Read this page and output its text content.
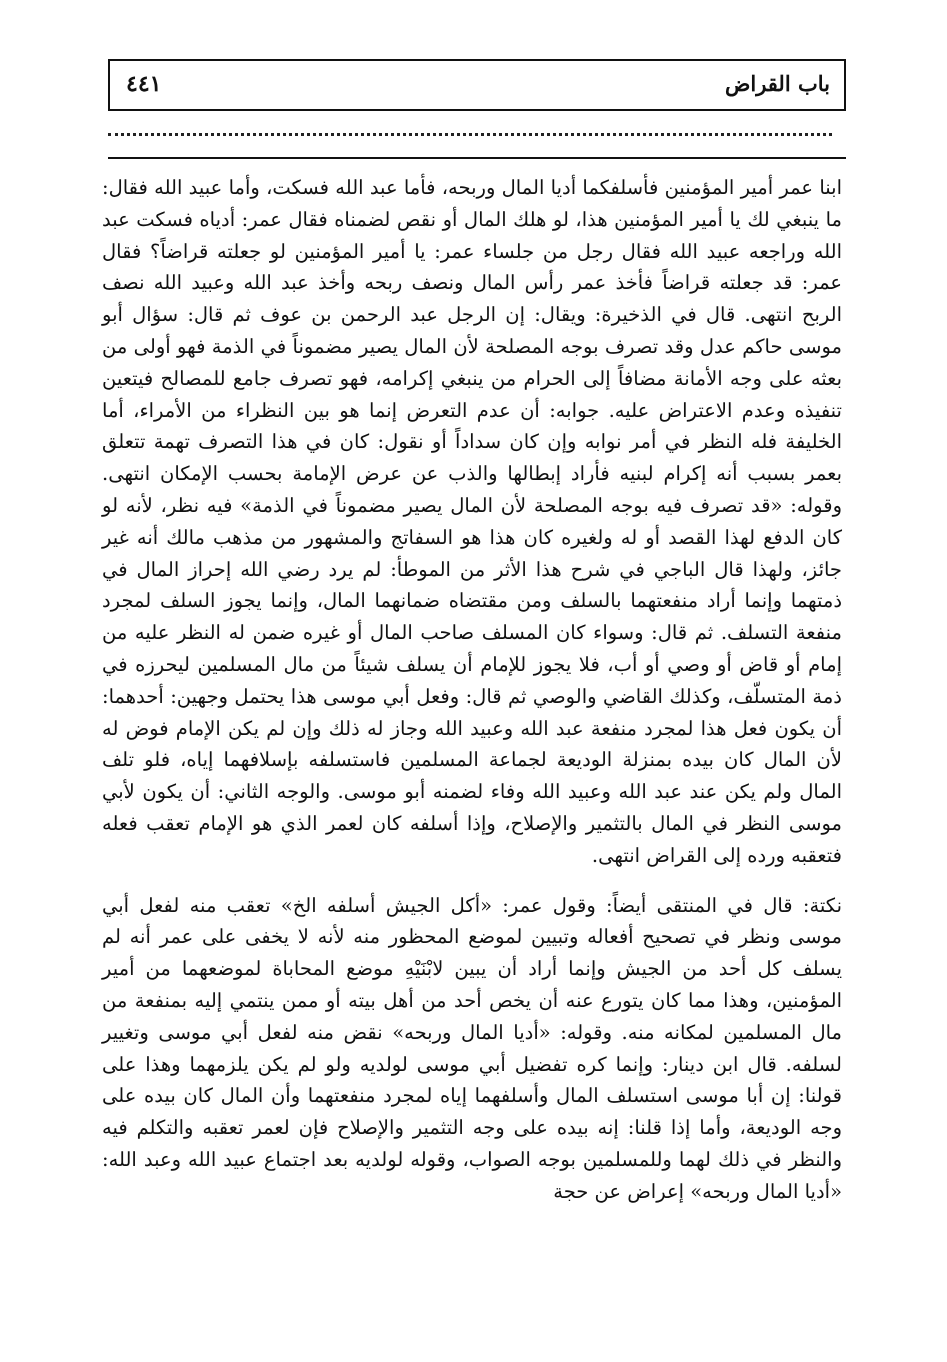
باب القراض
٤٤١

ابنا عمر أمير المؤمنين فأسلفكما أديا المال وربحه، فأما عبد الله فسكت، وأما عبيد الله فقال: ما ينبغي لك يا أمير المؤمنين هذا، لو هلك المال أو نقص لضمناه فقال عمر: أدياه فسكت عبد الله وراجعه عبيد الله فقال رجل من جلساء عمر: يا أمير المؤمنين لو جعلته قراضاً؟ فقال عمر: قد جعلته قراضاً فأخذ عمر رأس المال ونصف ربحه وأخذ عبد الله وعبيد الله نصف الربح انتهى. قال في الذخيرة: ويقال: إن الرجل عبد الرحمن بن عوف ثم قال: سؤال أبو موسى حاكم عدل وقد تصرف بوجه المصلحة لأن المال يصير مضموناً في الذمة فهو أولى من بعثه على وجه الأمانة مضافاً إلى الحرام من ينبغي إكرامه، فهو تصرف جامع للمصالح فيتعين تنفيذه وعدم الاعتراض عليه. جوابه: أن عدم التعرض إنما هو بين النظراء من الأمراء، أما الخليفة فله النظر في أمر نوابه وإن كان سداداً أو نقول: كان في هذا التصرف تهمة تتعلق بعمر بسبب أنه إكرام لبنيه فأراد إبطالها والذب عن عرض الإمامة بحسب الإمكان انتهى. وقوله: «قد تصرف فيه بوجه المصلحة لأن المال يصير مضموناً في الذمة» فيه نظر، لأنه لو كان الدفع لهذا القصد أو له ولغيره كان هذا هو السفاتج والمشهور من مذهب مالك أنه غير جائز، ولهذا قال الباجي في شرح هذا الأثر من الموطأ: لم يرد رضي الله إحراز المال في ذمتهما وإنما أراد منفعتهما بالسلف ومن مقتضاه ضمانهما المال، وإنما يجوز السلف لمجرد منفعة التسلف. ثم قال: وسواء كان المسلف صاحب المال أو غيره ضمن له النظر عليه من إمام أو قاض أو وصي أو أب، فلا يجوز للإمام أن يسلف شيئاً من مال المسلمين ليحرزه في ذمة المتسلّف، وكذلك القاضي والوصي ثم قال: وفعل أبي موسى هذا يحتمل وجهين: أحدهما: أن يكون فعل هذا لمجرد منفعة عبد الله وعبيد الله وجاز له ذلك وإن لم يكن الإمام فوض له لأن المال كان بيده بمنزلة الوديعة لجماعة المسلمين فاستسلفه بإسلافهما إياه، فلو تلف المال ولم يكن عند عبد الله وعبيد الله وفاء لضمنه أبو موسى. والوجه الثاني: أن يكون لأبي موسى النظر في المال بالتثمير والإصلاح، وإذا أسلفه كان لعمر الذي هو الإمام تعقب فعله فتعقبه ورده إلى القراض انتهى.

نكتة: قال في المنتقى أيضاً: وقول عمر: «أكل الجيش أسلفه الخ» تعقب منه لفعل أبي موسى ونظر في تصحيح أفعاله وتبيين لموضع المحظور منه لأنه لا يخفى على عمر أنه لم يسلف كل أحد من الجيش وإنما أراد أن يبين لابْنَيْهِ موضع المحاباة لموضعهما من أمير المؤمنين، وهذا مما كان يتورع عنه أن يخص أحد من أهل بيته أو ممن ينتمي إليه بمنفعة من مال المسلمين لمكانه منه. وقوله: «أديا المال وربحه» نقض منه لفعل أبي موسى وتغيير لسلفه. قال ابن دينار: وإنما كره تفضيل أبي موسى لولديه ولو لم يكن يلزمهما وهذا على قولنا: إن أبا موسى استسلف المال وأسلفهما إياه لمجرد منفعتهما وأن المال كان بيده على وجه الوديعة، وأما إذا قلنا: إنه بيده على وجه التثمير والإصلاح فإن لعمر تعقبه والتكلم فيه والنظر في ذلك لهما وللمسلمين بوجه الصواب، وقوله لولديه بعد اجتماع عبيد الله وعبد الله: «أديا المال وربحه» إعراض عن حجة
